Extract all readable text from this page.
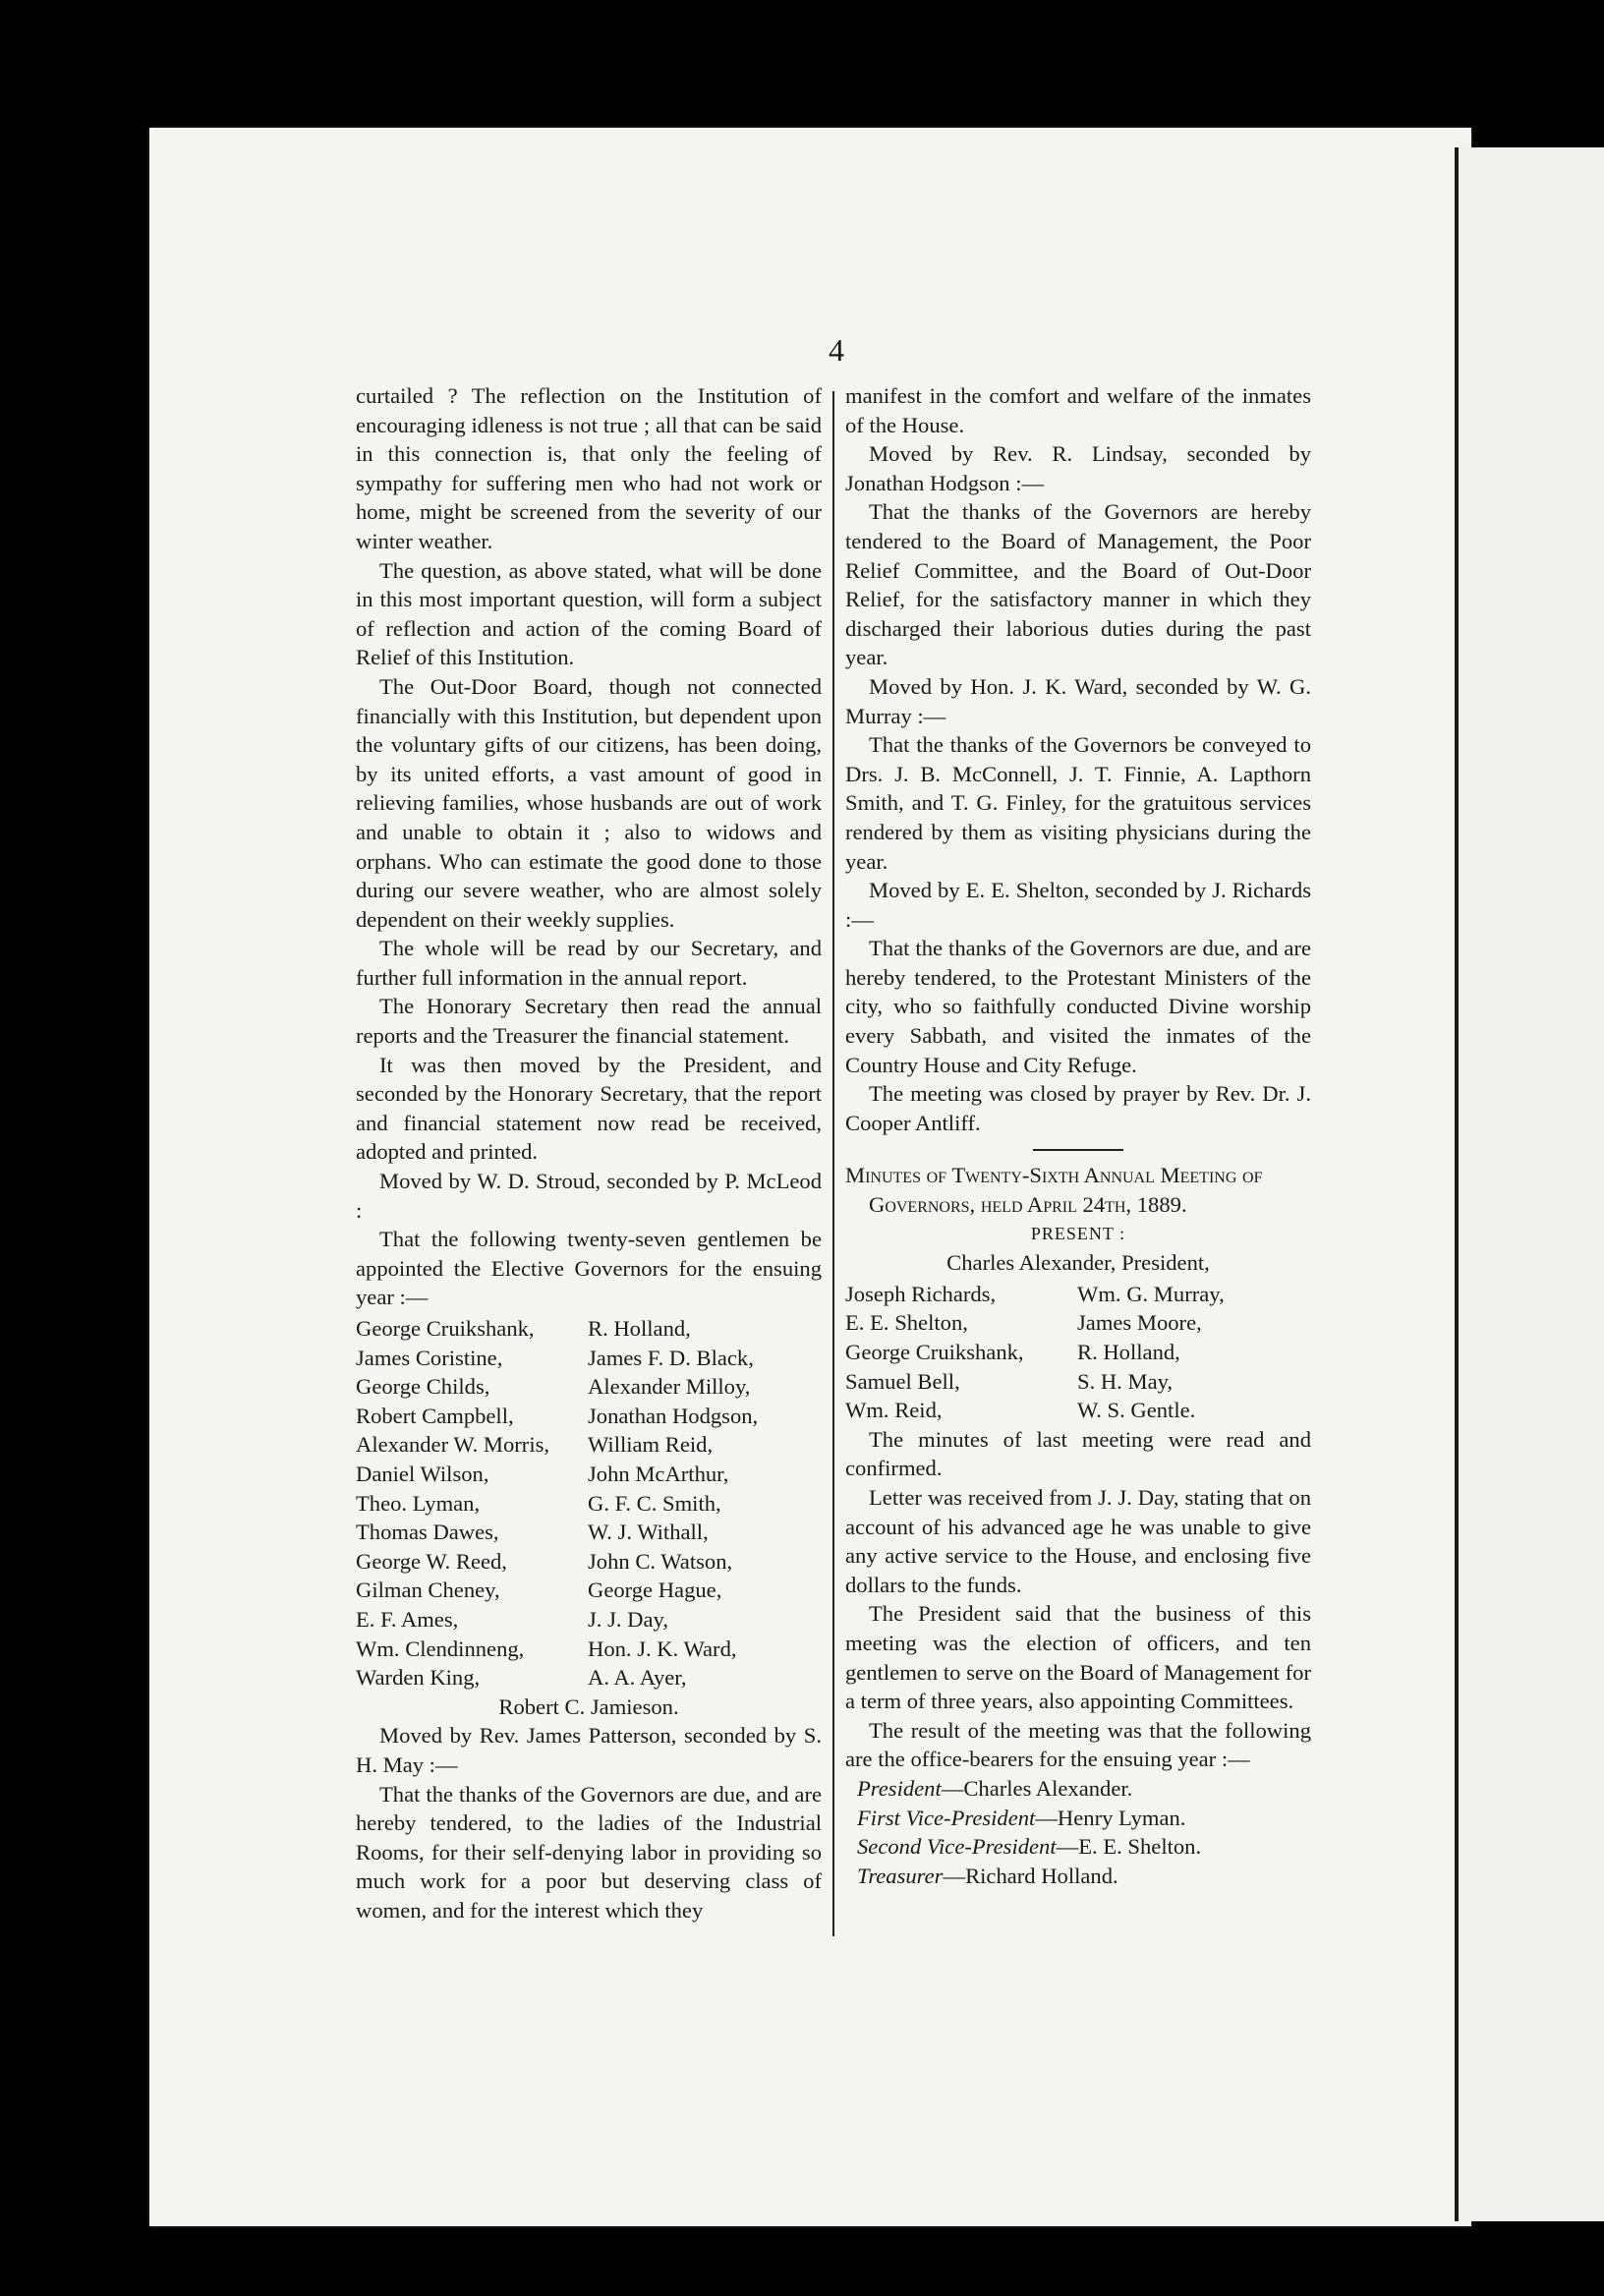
4

curtailed ? The reflection on the Institution of encouraging idleness is not true ; all that can be said in this connection is, that only the feeling of sympathy for suffering men who had not work or home, might be screened from the severity of our winter weather.

The question, as above stated, what will be done in this most important question, will form a subject of reflection and action of the coming Board of Relief of this Institution.

The Out-Door Board, though not connected financially with this Institution, but dependent upon the voluntary gifts of our citizens, has been doing, by its united efforts, a vast amount of good in relieving families, whose husbands are out of work and unable to obtain it ; also to widows and orphans. Who can estimate the good done to those during our severe weather, who are almost solely dependent on their weekly supplies.

The whole will be read by our Secretary, and further full information in the annual report.

The Honorary Secretary then read the annual reports and the Treasurer the financial statement.

It was then moved by the President, and seconded by the Honorary Secretary, that the report and financial statement now read be received, adopted and printed.

Moved by W. D. Stroud, seconded by P. McLeod :

That the following twenty-seven gentlemen be appointed the Elective Governors for the ensuing year :—

George Cruikshank,
James Coristine,
George Childs,
Robert Campbell,
Alexander W. Morris,
Daniel Wilson,
Theo. Lyman,
Thomas Dawes,
George W. Reed,
Gilman Cheney,
E. F. Ames,
Wm. Clendinneng,
Warden King,
R. Holland,
James F. D. Black,
Alexander Milloy,
Jonathan Hodgson,
William Reid,
John McArthur,
G. F. C. Smith,
W. J. Withall,
John C. Watson,
George Hague,
J. J. Day,
Hon. J. K. Ward,
A. A. Ayer,

Robert C. Jamieson.

Moved by Rev. James Patterson, seconded by S. H. May :—

That the thanks of the Governors are due, and are hereby tendered, to the ladies of the Industrial Rooms, for their self-denying labor in providing so much work for a poor but deserving class of women, and for the interest which they

manifest in the comfort and welfare of the inmates of the House.

Moved by Rev. R. Lindsay, seconded by Jonathan Hodgson :—

That the thanks of the Governors are hereby tendered to the Board of Management, the Poor Relief Committee, and the Board of Out-Door Relief, for the satisfactory manner in which they discharged their laborious duties during the past year.

Moved by Hon. J. K. Ward, seconded by W. G. Murray :—

That the thanks of the Governors be conveyed to Drs. J. B. McConnell, J. T. Finnie, A. Lapthorn Smith, and T. G. Finley, for the gratuitous services rendered by them as visiting physicians during the year.

Moved by E. E. Shelton, seconded by J. Richards :—

That the thanks of the Governors are due, and are hereby tendered, to the Protestant Ministers of the city, who so faithfully conducted Divine worship every Sabbath, and visited the inmates of the Country House and City Refuge.

The meeting was closed by prayer by Rev. Dr. J. Cooper Antliff.

Minutes of Twenty-Sixth Annual Meeting of Governors, held April 24th, 1889.

PRESENT :

Charles Alexander, President,

Joseph Richards,
E. E. Shelton,
George Cruikshank,
Samuel Bell,
Wm. Reid,
Wm. G. Murray,
James Moore,
R. Holland,
S. H. May,
W. S. Gentle.

The minutes of last meeting were read and confirmed.

Letter was received from J. J. Day, stating that on account of his advanced age he was unable to give any active service to the House, and enclosing five dollars to the funds.

The President said that the business of this meeting was the election of officers, and ten gentlemen to serve on the Board of Management for a term of three years, also appointing Committees.

The result of the meeting was that the following are the office-bearers for the ensuing year :—

President—Charles Alexander.

First Vice-President—Henry Lyman.

Second Vice-President—E. E. Shelton.

Treasurer—Richard Holland.
